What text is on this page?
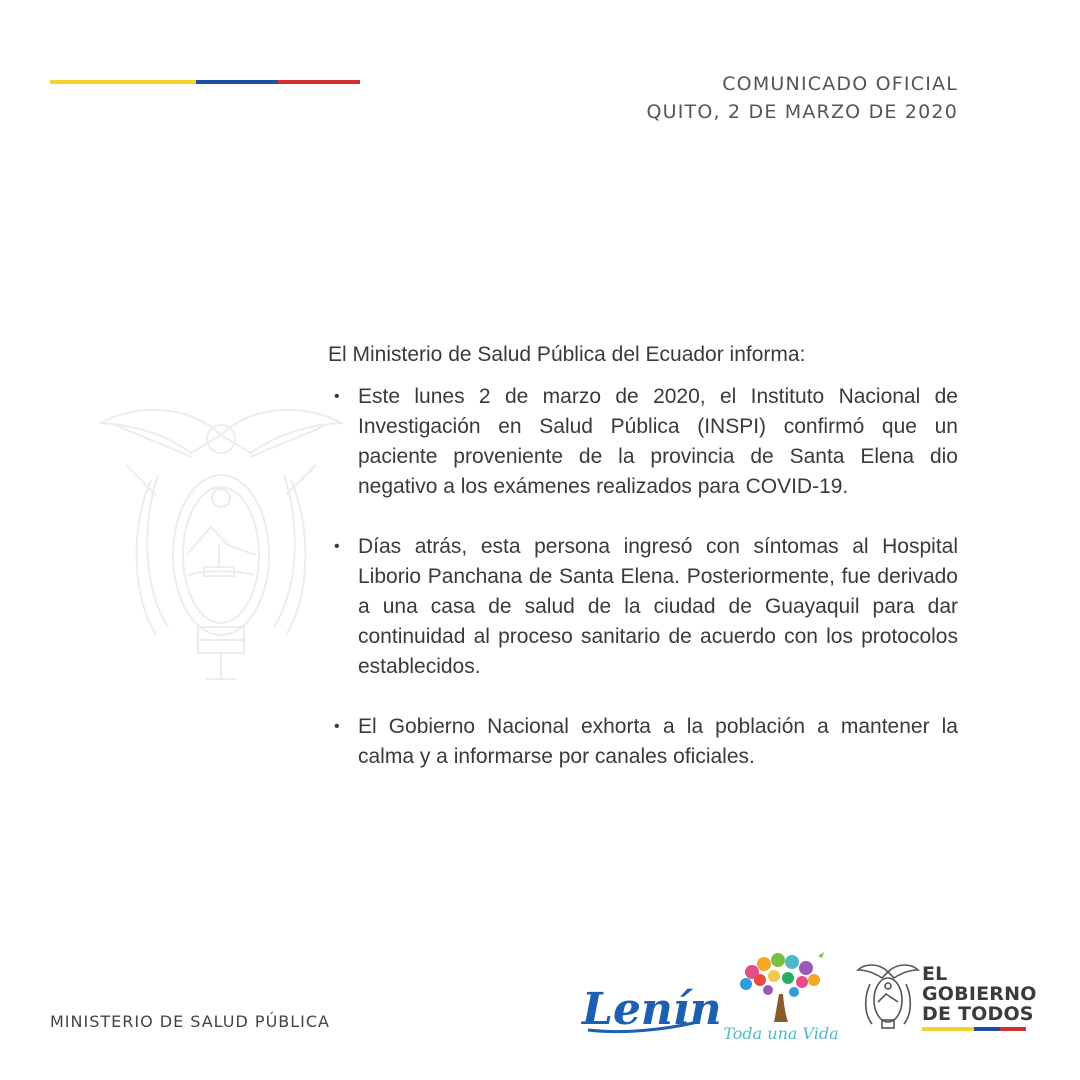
COMUNICADO OFICIAL
QUITO, 2 DE MARZO DE 2020

El Ministerio de Salud Pública del Ecuador informa:

• Este lunes 2 de marzo de 2020, el Instituto Nacional de Investigación en Salud Pública (INSPI) confirmó que un paciente proveniente de la provincia de Santa Elena dio negativo a los exámenes realizados para COVID-19.
• Días atrás, esta persona ingresó con síntomas al Hospital Liborio Panchana de Santa Elena. Posteriormente, fue derivado a una casa de salud de la ciudad de Guayaquil para dar continuidad al proceso sanitario de acuerdo con los protocolos establecidos.
• El Gobierno Nacional exhorta a la población a mantener la calma y a informarse por canales oficiales.
MINISTERIO DE SALUD PÚBLICA	Lenín Toda una Vida
EL
GOBIERNO
DE TODOS
